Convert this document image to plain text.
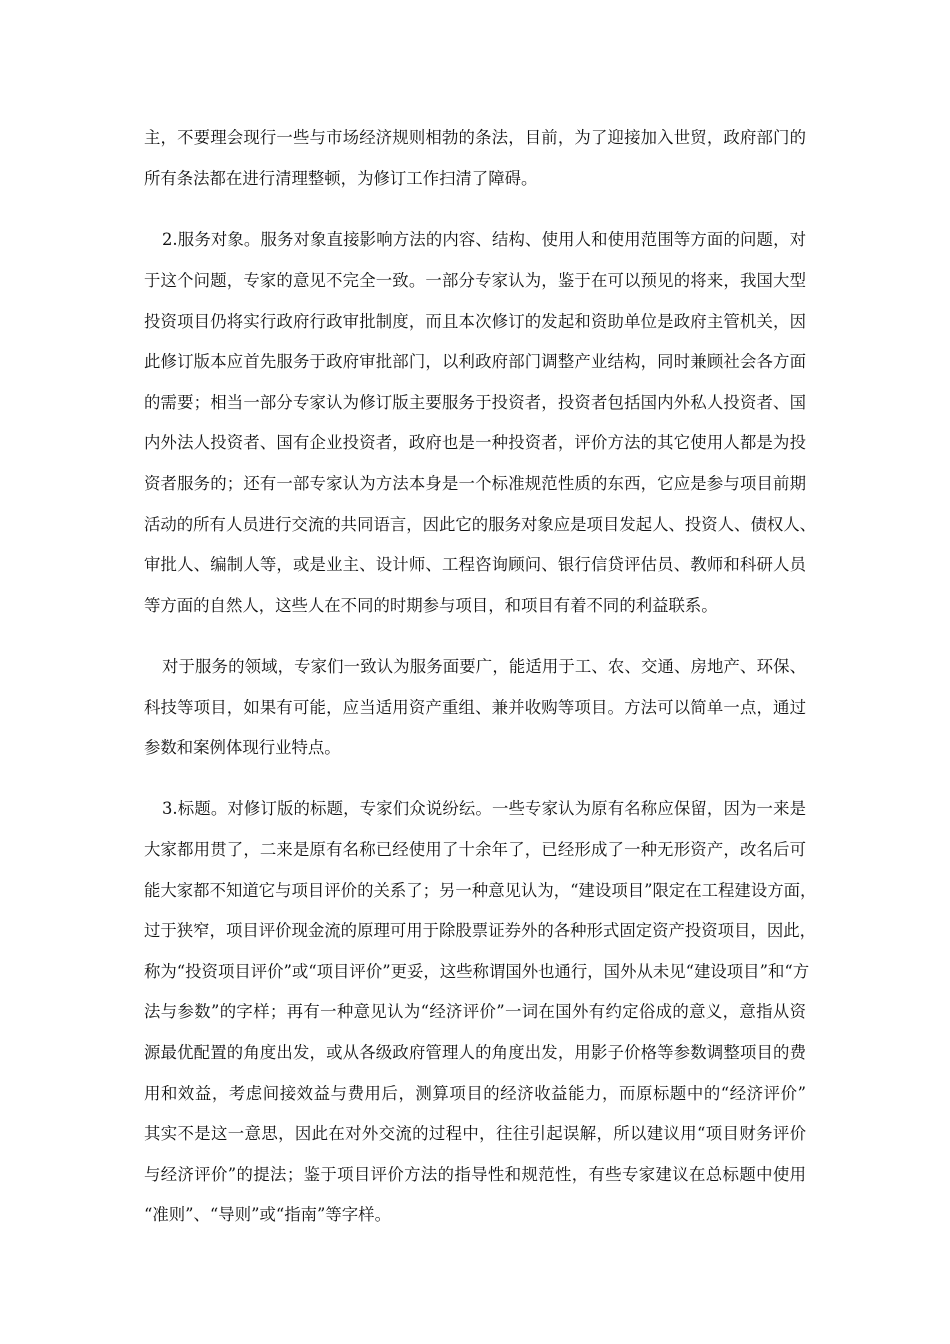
主，不要理会现行一些与市场经济规则相勃的条法，目前，为了迎接加入世贸，政府部门的
所有条法都在进行清理整顿，为修订工作扫清了障碍。
2.服务对象。服务对象直接影响方法的内容、结构、使用人和使用范围等方面的问题，对
于这个问题，专家的意见不完全一致。一部分专家认为，鉴于在可以预见的将来，我国大型
投资项目仍将实行政府行政审批制度，而且本次修订的发起和资助单位是政府主管机关，因
此修订版本应首先服务于政府审批部门，以利政府部门调整产业结构，同时兼顾社会各方面
的需要；相当一部分专家认为修订版主要服务于投资者，投资者包括国内外私人投资者、国
内外法人投资者、国有企业投资者，政府也是一种投资者，评价方法的其它使用人都是为投
资者服务的；还有一部专家认为方法本身是一个标准规范性质的东西，它应是参与项目前期
活动的所有人员进行交流的共同语言，因此它的服务对象应是项目发起人、投资人、债权人、
审批人、编制人等，或是业主、设计师、工程咨询顾问、银行信贷评估员、教师和科研人员
等方面的自然人，这些人在不同的时期参与项目，和项目有着不同的利益联系。
对于服务的领域，专家们一致认为服务面要广，能适用于工、农、交通、房地产、环保、
科技等项目，如果有可能，应当适用资产重组、兼并收购等项目。方法可以简单一点，通过
参数和案例体现行业特点。
3.标题。对修订版的标题，专家们众说纷纭。一些专家认为原有名称应保留，因为一来是
大家都用贯了，二来是原有名称已经使用了十余年了，已经形成了一种无形资产，改名后可
能大家都不知道它与项目评价的关系了；另一种意见认为，“建设项目”限定在工程建设方面，
过于狭窄，项目评价现金流的原理可用于除股票证券外的各种形式固定资产投资项目，因此，
称为“投资项目评价”或“项目评价”更妥，这些称谓国外也通行，国外从未见“建设项目”和“方
法与参数”的字样；再有一种意见认为“经济评价”一词在国外有约定俗成的意义，意指从资
源最优配置的角度出发，或从各级政府管理人的角度出发，用影子价格等参数调整项目的费
用和效益，考虑间接效益与费用后，测算项目的经济收益能力，而原标题中的“经济评价”
其实不是这一意思，因此在对外交流的过程中，往往引起误解，所以建议用“项目财务评价
与经济评价”的提法；鉴于项目评价方法的指导性和规范性，有些专家建议在总标题中使用
“准则”、“导则”或“指南”等字样。
